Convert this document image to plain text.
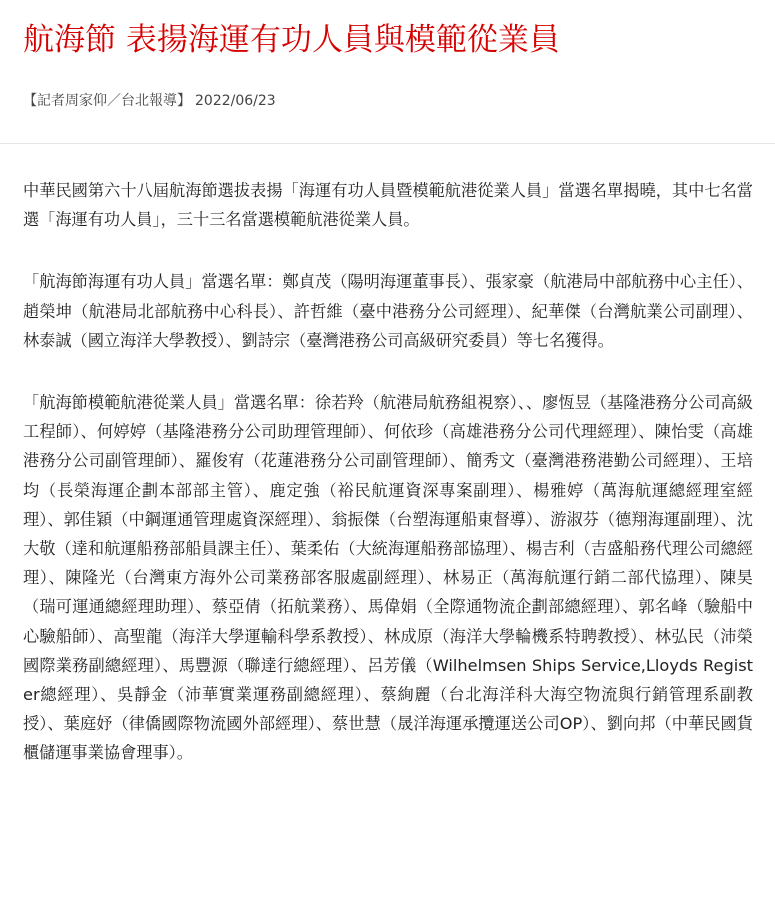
航海節 表揚海運有功人員與模範從業員
【記者周家仰／台北報導】 2022/06/23

中華民國第六十八屆航海節選拔表揚「海運有功人員暨模範航港從業人員」當選名單揭曉，其中七名當選「海運有功人員」，三十三名當選模範航港從業人員。

「航海節海運有功人員」當選名單：鄭貞茂（陽明海運董事長）、張家豪（航港局中部航務中心主任）、趙榮坤（航港局北部航務中心科長）、許哲維（臺中港務分公司經理）、紀華傑（台灣航業公司副理）、林泰誠（國立海洋大學教授）、劉詩宗（臺灣港務公司高級研究委員）等七名獲得。

「航海節模範航港從業人員」當選名單：徐若羚（航港局航務組視察）、、廖恆昱（基隆港務分公司高級工程師）、何婷婷（基隆港務分公司助理管理師）、何依珍（高雄港務分公司代理經理）、陳怡雯（高雄港務分公司副管理師）、羅俊宥（花蓮港務分公司副管理師）、簡秀文（臺灣港務港勤公司經理）、王培均（長榮海運企劃本部部主管）、鹿定強（裕民航運資深專案副理）、楊雅婷（萬海航運總經理室經理）、郭佳穎（中鋼運通管理處資深經理）、翁振傑（台塑海運船東督導）、游淑芬（德翔海運副理）、沈大敬（達和航運船務部船員課主任）、葉柔佑（大統海運船務部協理）、楊吉利（吉盛船務代理公司總經理）、陳隆光（台灣東方海外公司業務部客服處副經理）、林易正（萬海航運行銷二部代協理）、陳昊（瑞可運通總經理助理）、蔡亞倩（拓航業務）、馬偉娟（全際通物流企劃部總經理）、郭名峰（驗船中心驗船師）、高聖龍（海洋大學運輸科學系教授）、林成原（海洋大學輪機系特聘教授）、林弘民（沛榮國際業務副總經理）、馬豐源（聯達行總經理）、呂芳儀（Wilhelmsen Ships Service,Lloyds Register總經理）、吳靜金（沛華實業運務副總經理）、蔡絢麗（台北海洋科大海空物流與行銷管理系副教授）、葉庭妤（律僑國際物流國外部經理）、蔡世慧（晟洋海運承攬運送公司OP）、劉向邦（中華民國貨櫃儲運事業協會理事）。
